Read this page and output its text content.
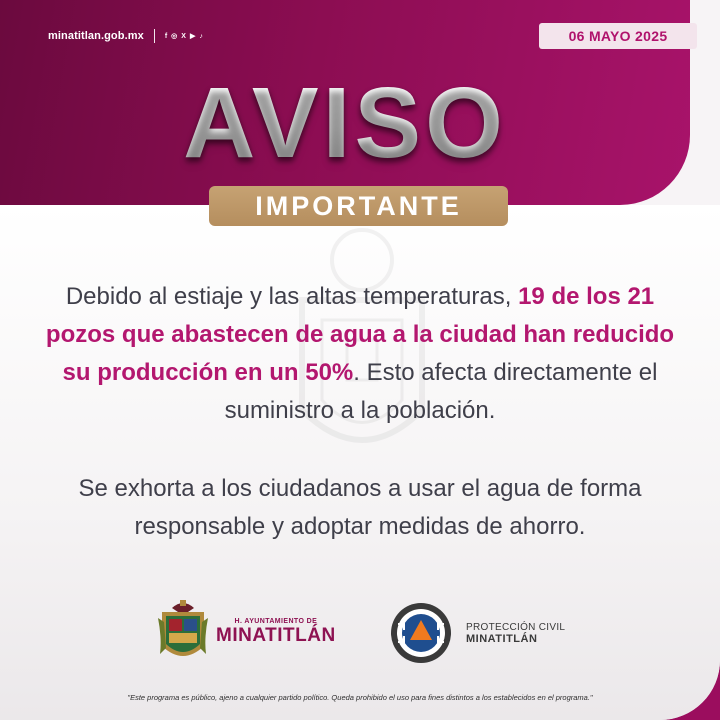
minatitlan.gob.mx	f ◎ X ▶ ♪	06 MAYO 2025
AVISO
IMPORTANTE

Debido al estiaje y las altas temperaturas, 19 de los 21 pozos que abastecen de agua a la ciudad han reducido su producción en un 50%. Esto afecta directamente el suministro a la población.

Se exhorta a los ciudadanos a usar el agua de forma responsable y adoptar medidas de ahorro.

H. AYUNTAMIENTO DE
MINATITLÁN	PROTECCIÓN CIVIL
MINATITLÁN
"Este programa es público, ajeno a cualquier partido político. Queda prohibido el uso para fines distintos a los establecidos en el programa."
